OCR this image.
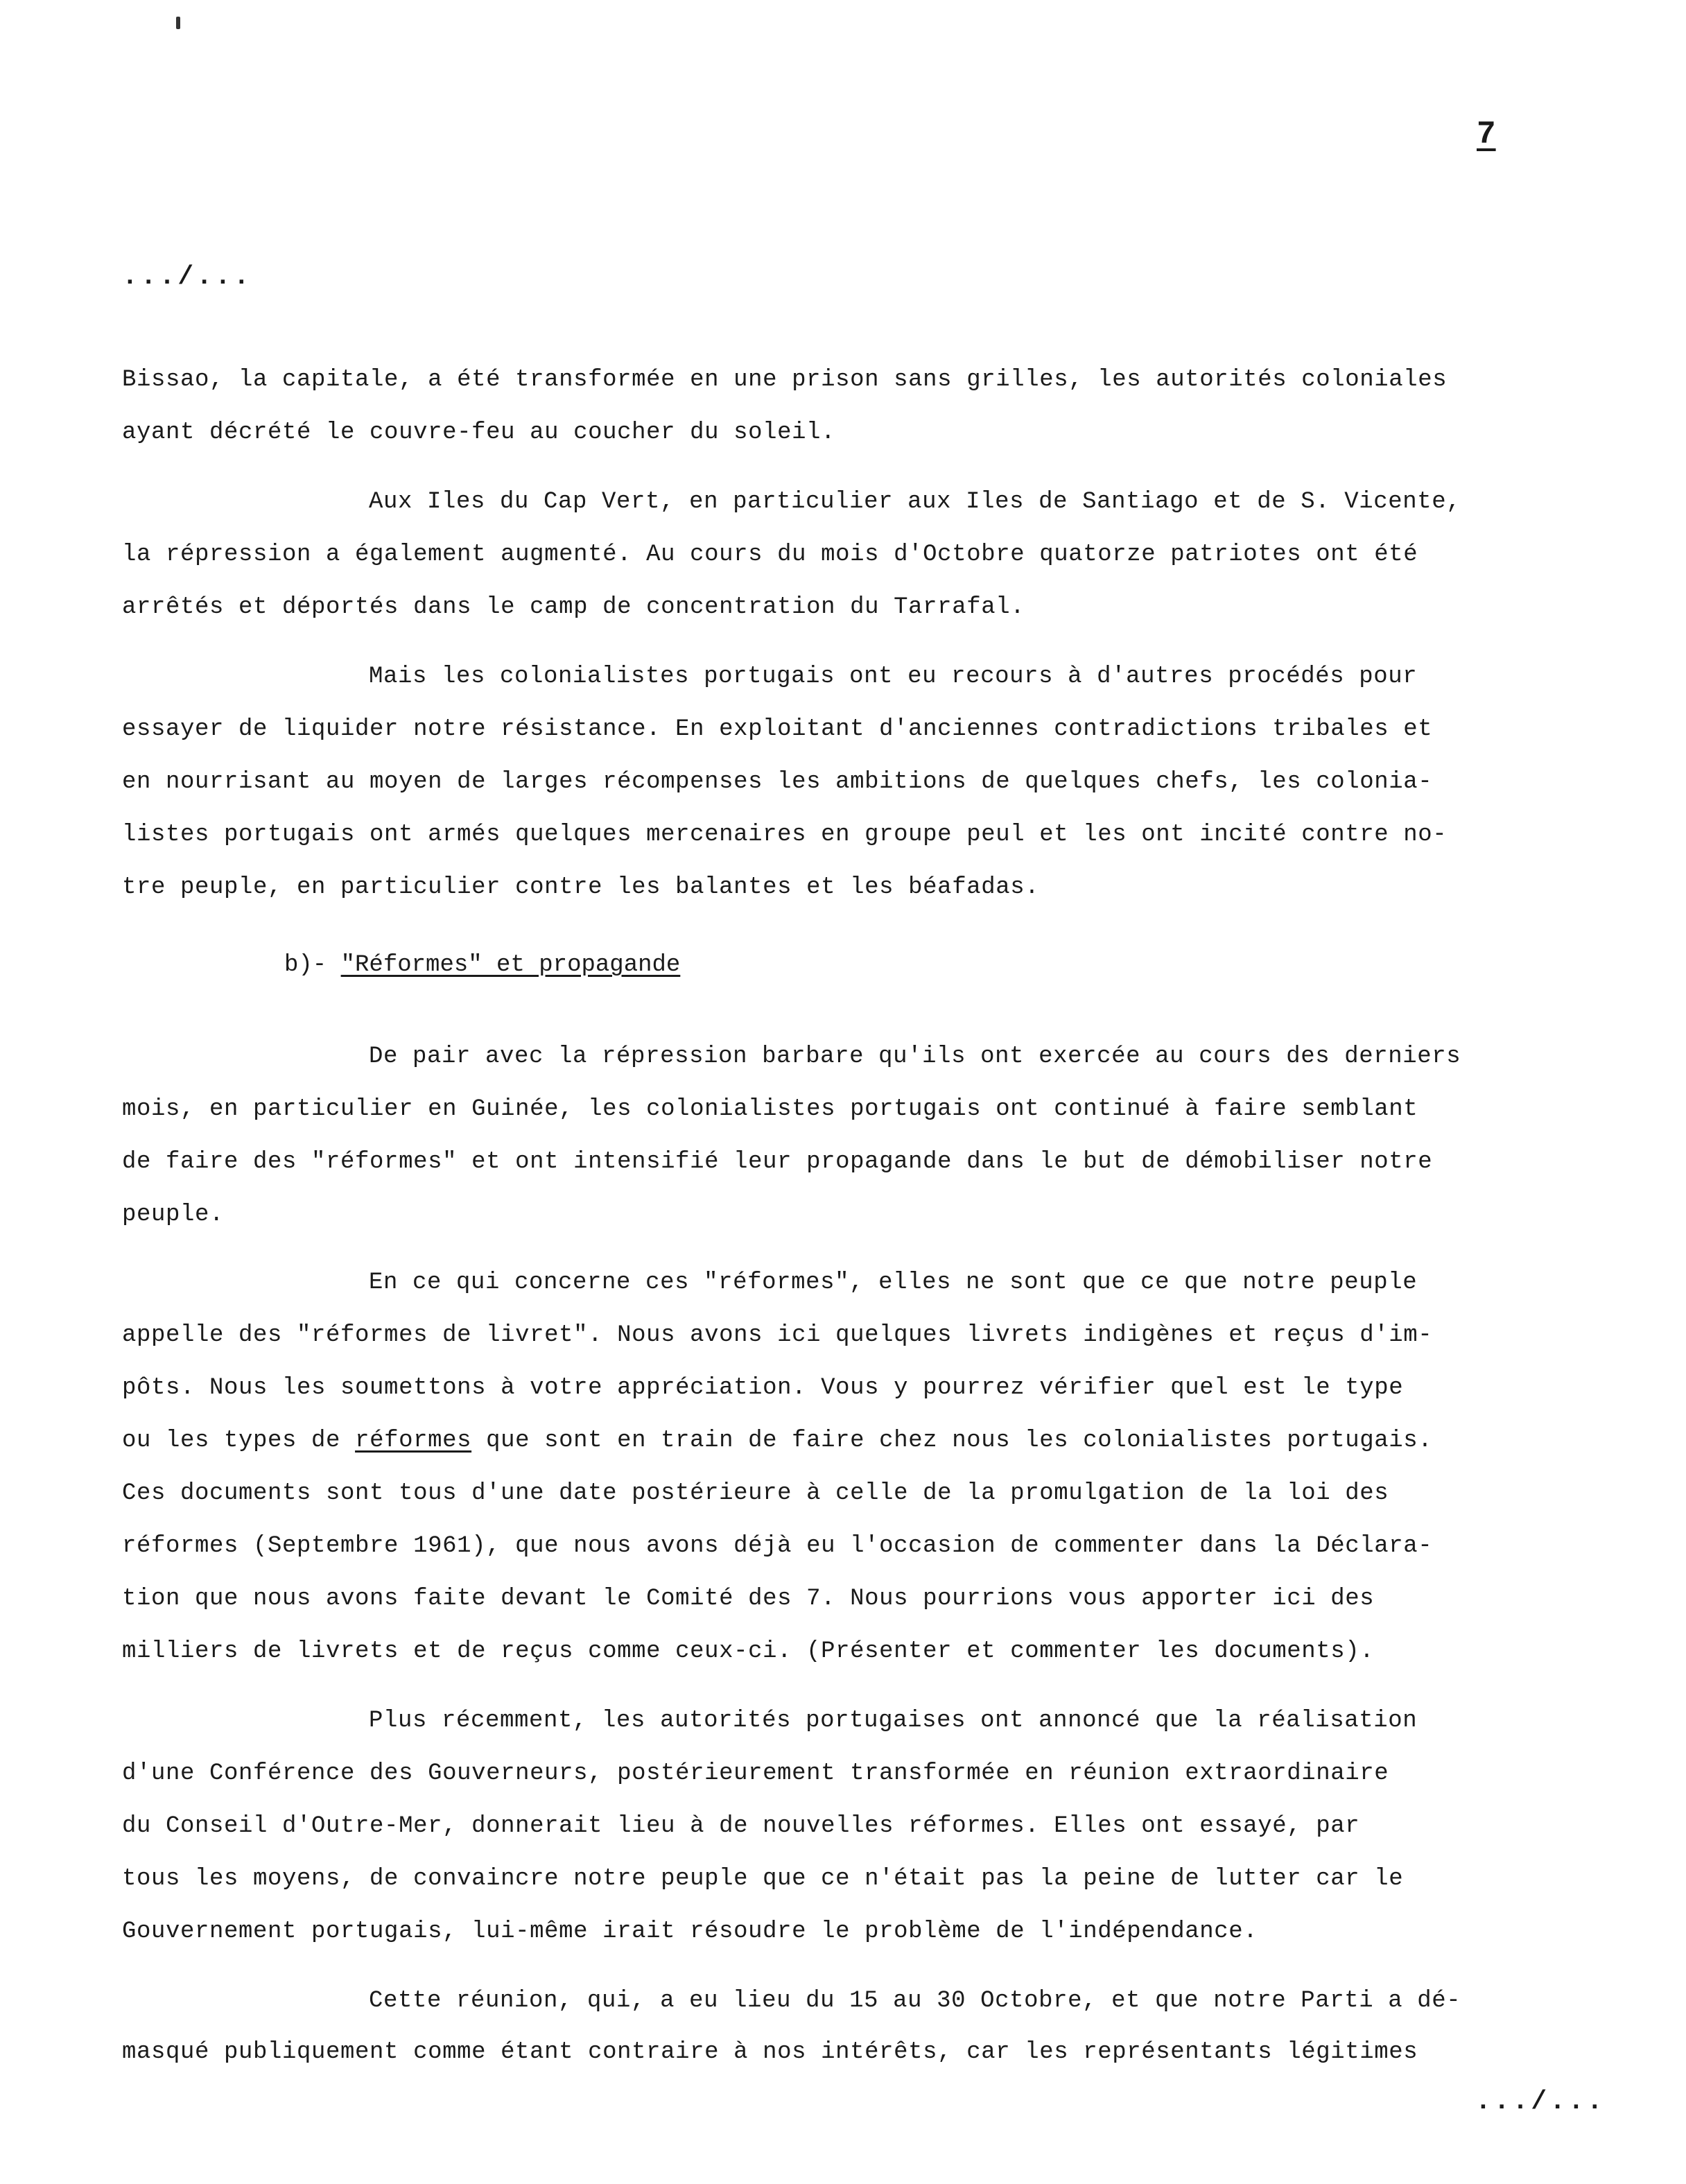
7
.../...
Bissao, la capitale, a été transformée en une prison sans grilles, les autorités coloniales
ayant décrété le couvre-feu au coucher du soleil.
Aux Iles du Cap Vert, en particulier aux Iles de Santiago et de S. Vicente,
la répression a également augmenté. Au cours du mois d'Octobre quatorze patriotes ont été
arrêtés et déportés dans le camp de concentration du Tarrafal.
Mais les colonialistes portugais ont eu recours à d'autres procédés pour
essayer de liquider notre résistance. En exploitant d'anciennes contradictions tribales et
en nourrisant au moyen de larges récompenses les ambitions de quelques chefs, les colonia-
listes portugais ont armés quelques mercenaires en groupe peul et les ont incité contre no-
tre peuple, en particulier contre les balantes et les béafadas.
b)- "Réformes" et propagande
De pair avec la répression barbare qu'ils ont exercée au cours des derniers
mois, en particulier en Guinée, les colonialistes portugais ont continué à faire semblant
de faire des "réformes" et ont intensifié leur propagande dans le but de démobiliser notre
peuple.
En ce qui concerne ces "réformes", elles ne sont que ce que notre peuple
appelle des "réformes de livret". Nous avons ici quelques livrets indigènes et reçus d'im-
pôts. Nous les soumettons à votre appréciation. Vous y pourrez vérifier quel est le type
ou les types de réformes que sont en train de faire chez nous les colonialistes portugais.
Ces documents sont tous d'une date postérieure à celle de la promulgation de la loi des
réformes (Septembre 1961), que nous avons déjà eu l'occasion de commenter dans la Déclara-
tion que nous avons faite devant le Comité des 7. Nous pourrions vous apporter ici des
milliers de livrets et de reçus comme ceux-ci. (Présenter et commenter les documents).
Plus récemment, les autorités portugaises ont annoncé que la réalisation
d'une Conférence des Gouverneurs, postérieurement transformée en réunion extraordinaire
du Conseil d'Outre-Mer, donnerait lieu à de nouvelles réformes. Elles ont essayé, par
tous les moyens, de convaincre notre peuple que ce n'était pas la peine de lutter car le
Gouvernement portugais, lui-même irait résoudre le problème de l'indépendance.
Cette réunion, qui, a eu lieu du 15 au 30 Octobre, et que notre Parti a dé-
masqué publiquement comme étant contraire à nos intérêts, car les représentants légitimes
.../...
